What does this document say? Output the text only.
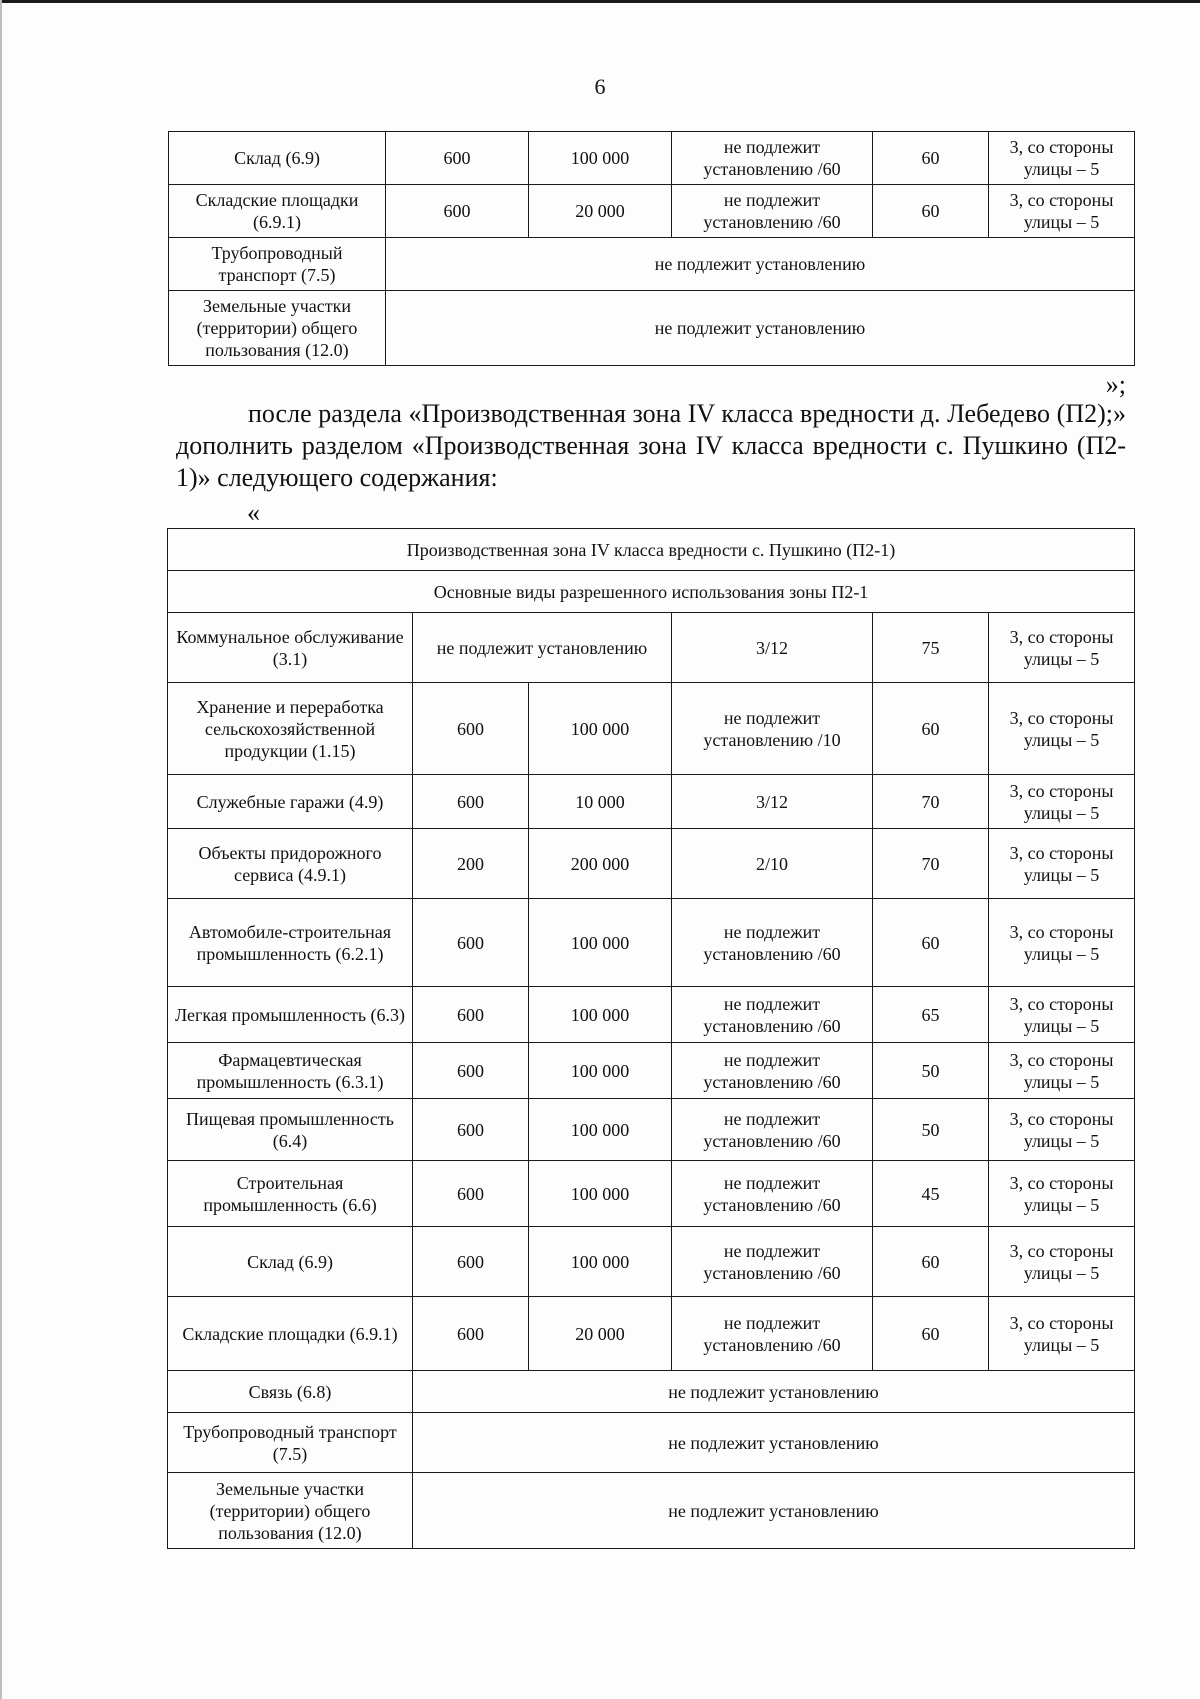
6
Склад (6.9)	600	100 000	не подлежит установлению /60	60	3, со стороны улицы – 5
Складские площадки (6.9.1)	600	20 000	не подлежит установлению /60	60	3, со стороны улицы – 5
Трубопроводный транспорт (7.5)	не подлежит установлению				
Земельные участки (территории) общего пользования (12.0)	не подлежит установлению				
»;

после раздела «Производственная зона IV класса вредности д. Лебедево (П2);» дополнить разделом «Производственная зона IV класса вредности с. Пушкино (П2-1)» следующего содержания:

«
Производственная зона IV класса вредности с. Пушкино (П2-1)					
Основные виды разрешенного использования зоны П2-1					
Коммунальное обслуживание (3.1)	не подлежит установлению		3/12	75	3, со стороны улицы – 5
Хранение и переработка сельскохозяйственной продукции (1.15)	600	100 000	не подлежит установлению /10	60	3, со стороны улицы – 5
Служебные гаражи (4.9)	600	10 000	3/12	70	3, со стороны улицы – 5
Объекты придорожного сервиса (4.9.1)	200	200 000	2/10	70	3, со стороны улицы – 5
Автомобиле-строительная промышленность (6.2.1)	600	100 000	не подлежит установлению /60	60	3, со стороны улицы – 5
Легкая промышленность (6.3)	600	100 000	не подлежит установлению /60	65	3, со стороны улицы – 5
Фармацевтическая промышленность (6.3.1)	600	100 000	не подлежит установлению /60	50	3, со стороны улицы – 5
Пищевая промышленность (6.4)	600	100 000	не подлежит установлению /60	50	3, со стороны улицы – 5
Строительная промышленность (6.6)	600	100 000	не подлежит установлению /60	45	3, со стороны улицы – 5
Склад (6.9)	600	100 000	не подлежит установлению /60	60	3, со стороны улицы – 5
Складские площадки (6.9.1)	600	20 000	не подлежит установлению /60	60	3, со стороны улицы – 5
Связь (6.8)	не подлежит установлению				
Трубопроводный транспорт (7.5)	не подлежит установлению				
Земельные участки (территории) общего пользования (12.0)	не подлежит установлению				
